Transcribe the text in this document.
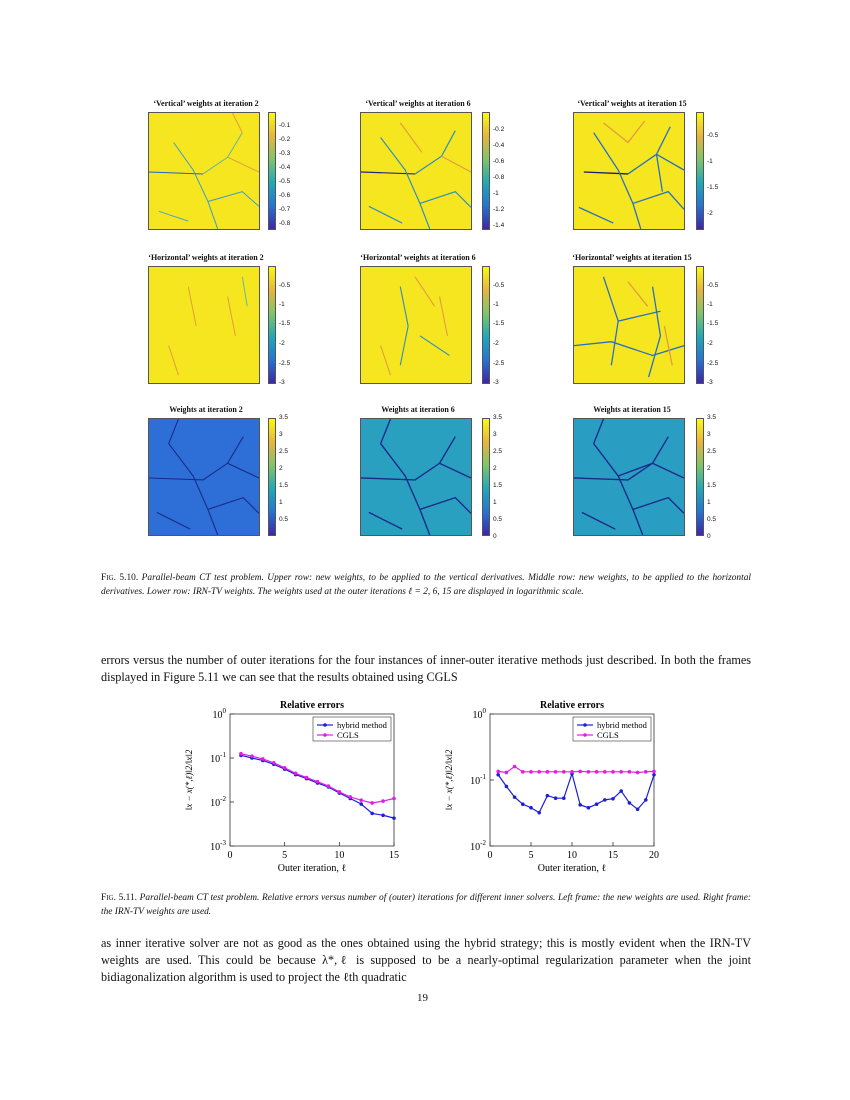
‘Vertical’ weights at iteration 2	‘Vertical’ weights at iteration 6	‘Vertical’ weights at iteration 15
-0.1
-0.2
-0.3
-0.4
-0.5
-0.6
-0.7
-0.8
-0.2
-0.4
-0.6
-0.8
-1
-1.2
-1.4
-0.5
-1
-1.5
-2
‘Horizontal’ weights at iteration 2	‘Horizontal’ weights at iteration 6	‘Horizontal’ weights at iteration 15
-0.5
-1
-1.5
-2
-2.5
-3
-0.5
-1
-1.5
-2
-2.5
-3
-0.5
-1
-1.5
-2
-2.5
-3
Weights at iteration 2	Weights at iteration 6	Weights at iteration 15
3.5
3
2.5
2
1.5
1
0.5
3.5
3
2.5
2
1.5
1
0.5
0
3.5
3
2.5
2
1.5
1
0.5
0
Fig. 5.10. Parallel-beam CT test problem. Upper row: new weights, to be applied to the vertical derivatives. Middle row: new weights, to be applied to the horizontal derivatives. Lower row: IRN-TV weights. The weights used at the outer iterations ℓ = 2, 6, 15 are displayed in logarithmic scale.
errors versus the number of outer iterations for the four instances of inner-outer iterative methods just described. In both the frames displayed in Figure 5.11 we can see that the results obtained using CGLS
Relative errors
$10^{-3}$
$10^{-2}$
$10^{-1}$
$10^0$
0	5	10	15
Outer iteration, ℓ
‖x − x(*,ℓ)‖2/‖x‖2
hybrid method
CGLS
Relative errors
$10^{-2}$
$10^{-1}$
$10^0$
0	5	10	15	20
Outer iteration, ℓ
‖x − x(*,ℓ)‖2/‖x‖2
hybrid method
CGLS
Fig. 5.11. Parallel-beam CT test problem. Relative errors versus number of (outer) iterations for different inner solvers. Left frame: the new weights are used. Right frame: the IRN-TV weights are used.
as inner iterative solver are not as good as the ones obtained using the hybrid strategy; this is mostly evident when the IRN-TV weights are used. This could be because λ*,ℓ is supposed to be a nearly-optimal regularization parameter when the joint bidiagonalization algorithm is used to project the ℓth quadratic
19
